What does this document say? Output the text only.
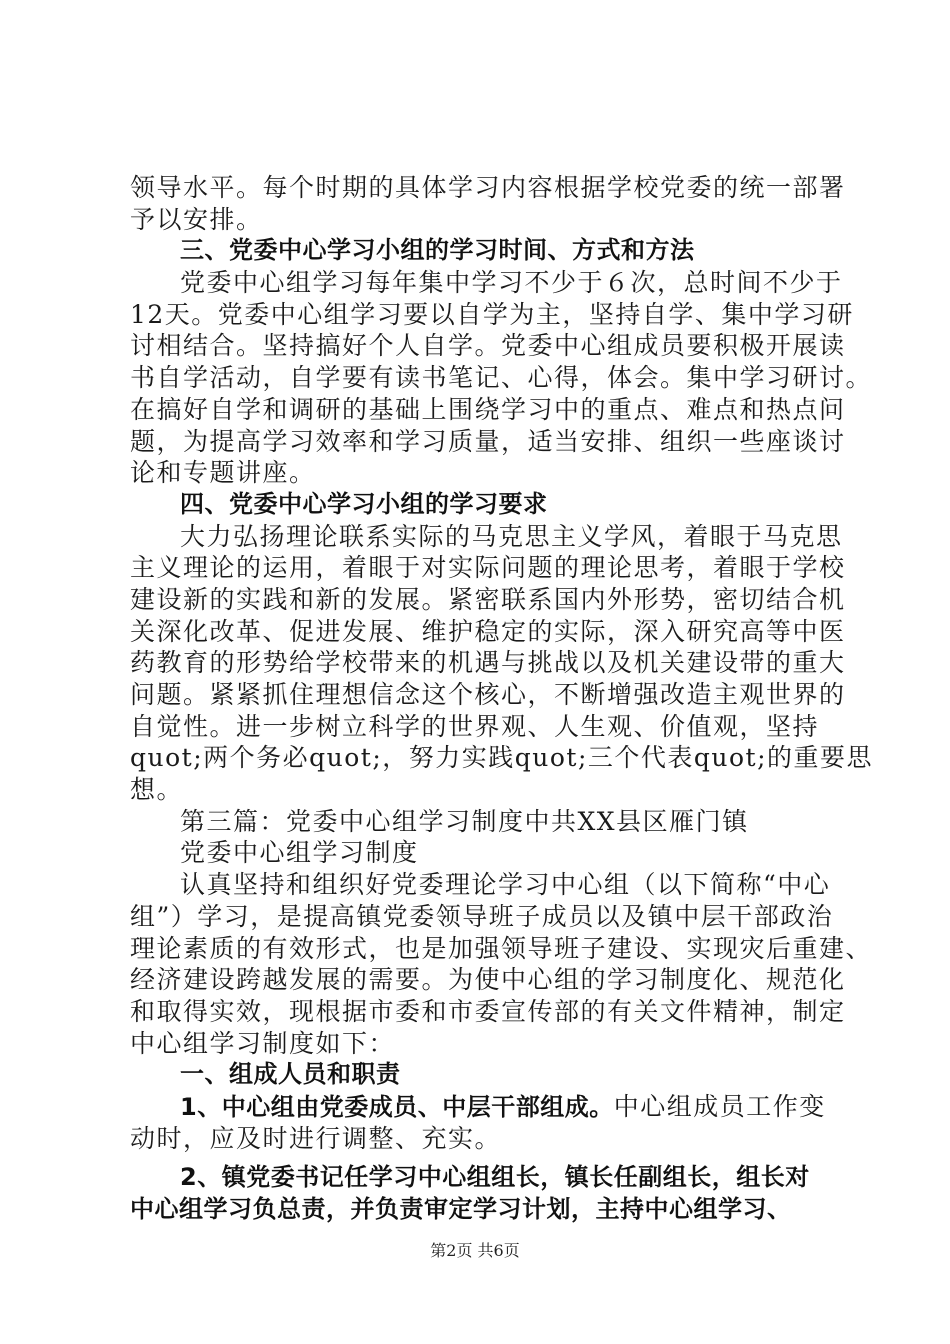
领导水平。每个时期的具体学习内容根据学校党委的统一部署
予以安排。
三、党委中心学习小组的学习时间、方式和方法
党委中心组学习每年集中学习不少于６次，总时间不少于
12天。党委中心组学习要以自学为主，坚持自学、集中学习研
讨相结合。坚持搞好个人自学。党委中心组成员要积极开展读
书自学活动，自学要有读书笔记、心得，体会。集中学习研讨。
在搞好自学和调研的基础上围绕学习中的重点、难点和热点问
题，为提高学习效率和学习质量，适当安排、组织一些座谈讨
论和专题讲座。
四、党委中心学习小组的学习要求
大力弘扬理论联系实际的马克思主义学风，着眼于马克思
主义理论的运用，着眼于对实际问题的理论思考，着眼于学校
建设新的实践和新的发展。紧密联系国内外形势，密切结合机
关深化改革、促进发展、维护稳定的实际，深入研究高等中医
药教育的形势给学校带来的机遇与挑战以及机关建设带的重大
问题。紧紧抓住理想信念这个核心，不断增强改造主观世界的
自觉性。进一步树立科学的世界观、人生观、价值观，坚持
quot;两个务必quot;，努力实践quot;三个代表quot;的重要思
想。
第三篇：党委中心组学习制度中共XX县区雁门镇
党委中心组学习制度
认真坚持和组织好党委理论学习中心组（以下简称“中心
组”）学习，是提高镇党委领导班子成员以及镇中层干部政治
理论素质的有效形式，也是加强领导班子建设、实现灾后重建、
经济建设跨越发展的需要。为使中心组的学习制度化、规范化
和取得实效，现根据市委和市委宣传部的有关文件精神，制定
中心组学习制度如下：
一、组成人员和职责
1、中心组由党委成员、中层干部组成。中心组成员工作变
动时，应及时进行调整、充实。
2、镇党委书记任学习中心组组长，镇长任副组长，组长对
中心组学习负总责，并负责审定学习计划，主持中心组学习、
第2页 共6页
